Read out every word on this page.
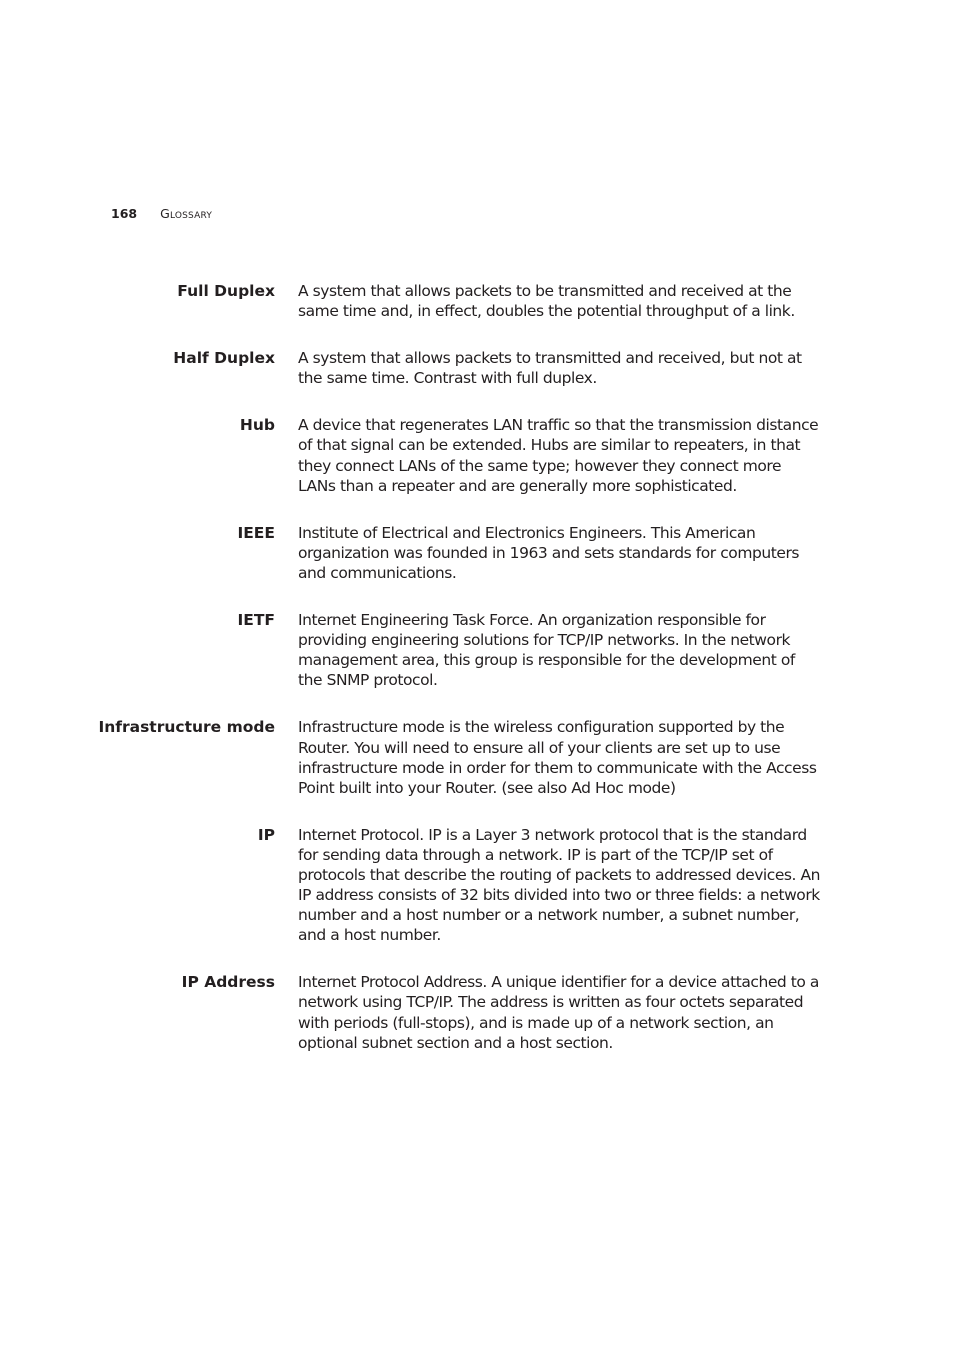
168 Glossary
Full Duplex A system that allows packets to be transmitted and received at the same time and, in effect, doubles the potential throughput of a link.
Half Duplex A system that allows packets to transmitted and received, but not at the same time. Contrast with full duplex.
Hub A device that regenerates LAN traffic so that the transmission distance of that signal can be extended. Hubs are similar to repeaters, in that they connect LANs of the same type; however they connect more LANs than a repeater and are generally more sophisticated.
IEEE Institute of Electrical and Electronics Engineers. This American organization was founded in 1963 and sets standards for computers and communications.
IETF Internet Engineering Task Force. An organization responsible for providing engineering solutions for TCP/IP networks. In the network management area, this group is responsible for the development of the SNMP protocol.
Infrastructure mode Infrastructure mode is the wireless configuration supported by the Router. You will need to ensure all of your clients are set up to use infrastructure mode in order for them to communicate with the Access Point built into your Router. (see also Ad Hoc mode)
IP Internet Protocol. IP is a Layer 3 network protocol that is the standard for sending data through a network. IP is part of the TCP/IP set of protocols that describe the routing of packets to addressed devices. An IP address consists of 32 bits divided into two or three fields: a network number and a host number or a network number, a subnet number, and a host number.
IP Address Internet Protocol Address. A unique identifier for a device attached to a network using TCP/IP. The address is written as four octets separated with periods (full-stops), and is made up of a network section, an optional subnet section and a host section.
